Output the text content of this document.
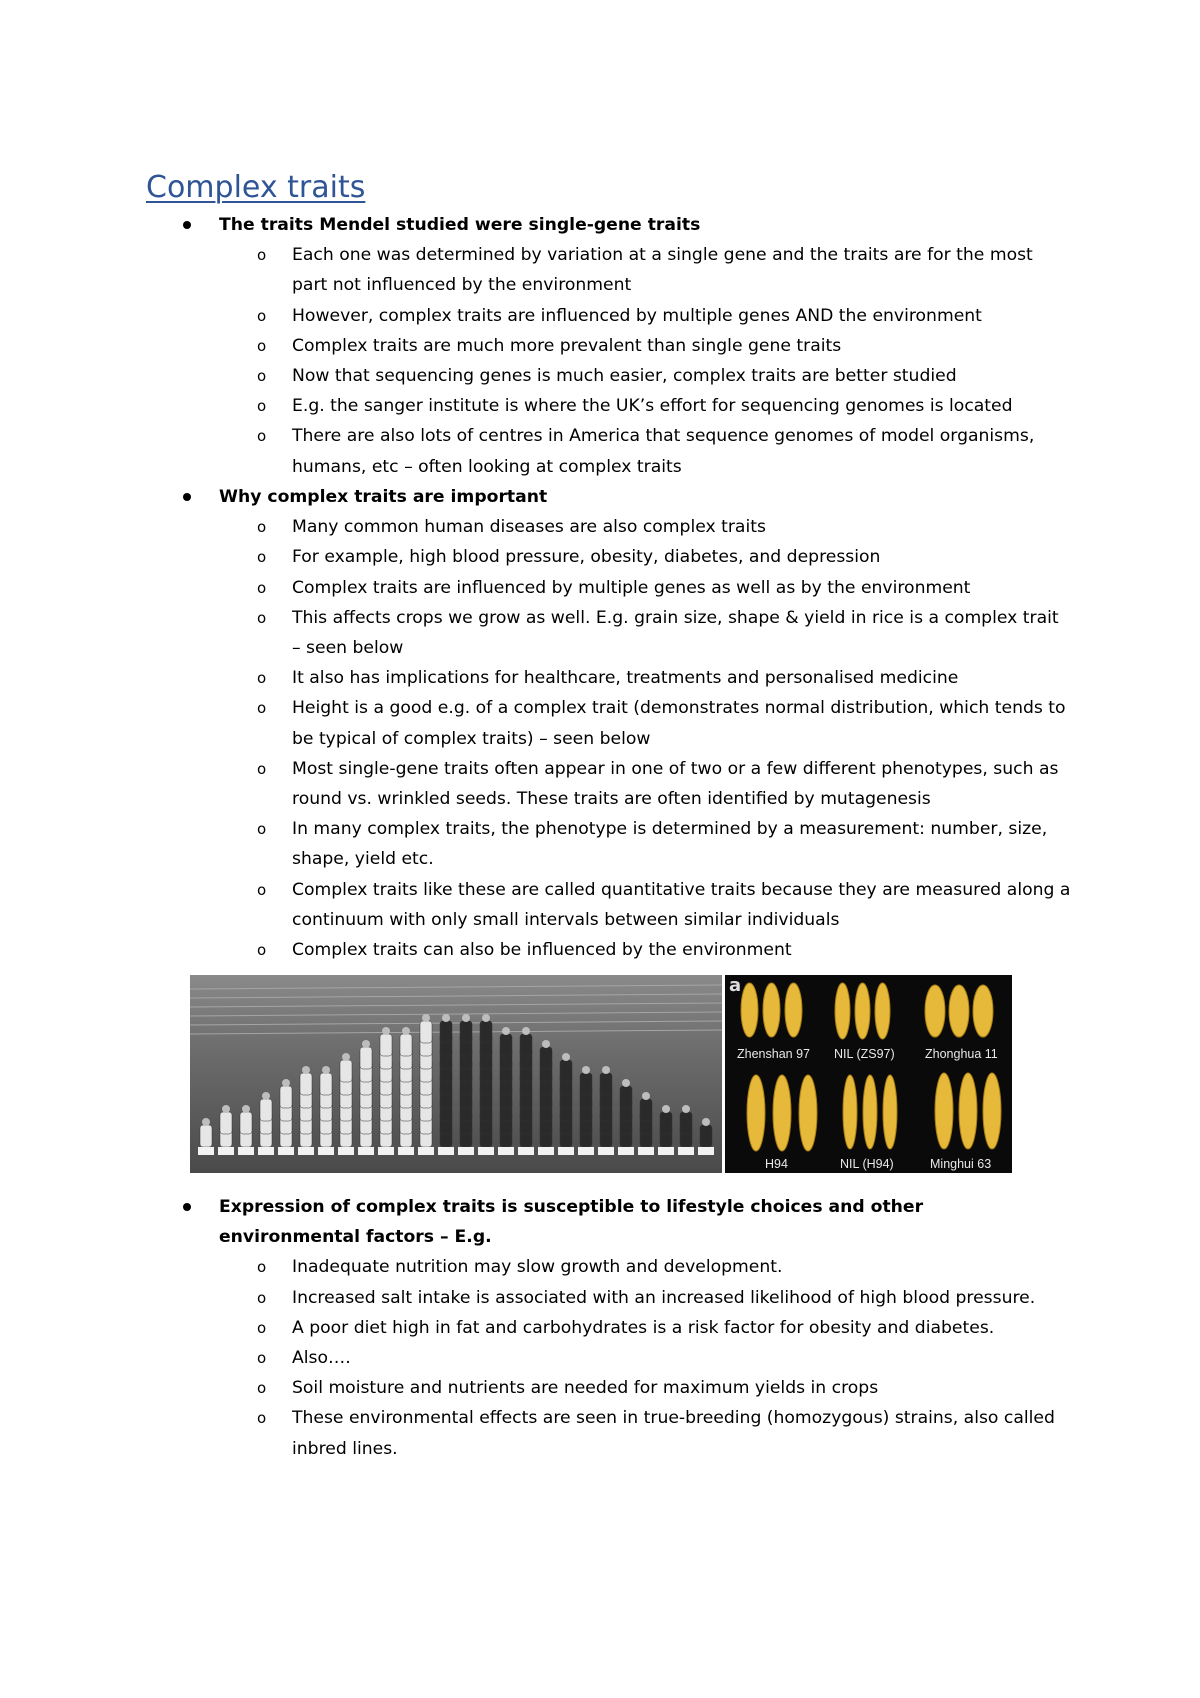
Complex traits
The traits Mendel studied were single-gene traits
o Each one was determined by variation at a single gene and the traits are for the most part not influenced by the environment
o However, complex traits are influenced by multiple genes AND the environment
o Complex traits are much more prevalent than single gene traits
o Now that sequencing genes is much easier, complex traits are better studied
o E.g. the sanger institute is where the UK’s effort for sequencing genomes is located
o There are also lots of centres in America that sequence genomes of model organisms, humans, etc – often looking at complex traits
Why complex traits are important
o Many common human diseases are also complex traits
o For example, high blood pressure, obesity, diabetes, and depression
o Complex traits are influenced by multiple genes as well as by the environment
o This affects crops we grow as well. E.g. grain size, shape & yield in rice is a complex trait – seen below
o It also has implications for healthcare, treatments and personalised medicine
o Height is a good e.g. of a complex trait (demonstrates normal distribution, which tends to be typical of complex traits) – seen below
o Most single-gene traits often appear in one of two or a few different phenotypes, such as round vs. wrinkled seeds. These traits are often identified by mutagenesis
o In many complex traits, the phenotype is determined by a measurement: number, size, shape, yield etc.
o Complex traits like these are called quantitative traits because they are measured along a continuum with only small intervals between similar individuals
o Complex traits can also be influenced by the environment
a
Zhenshan 97 NIL (ZS97) Zhonghua 11
H94	NIL (H94)	Minghui 63
Expression of complex traits is susceptible to lifestyle choices and other environmental factors – E.g.
o Inadequate nutrition may slow growth and development.
o Increased salt intake is associated with an increased likelihood of high blood pressure.
o A poor diet high in fat and carbohydrates is a risk factor for obesity and diabetes.
o Also….
o Soil moisture and nutrients are needed for maximum yields in crops
o These environmental effects are seen in true-breeding (homozygous) strains, also called inbred lines.
